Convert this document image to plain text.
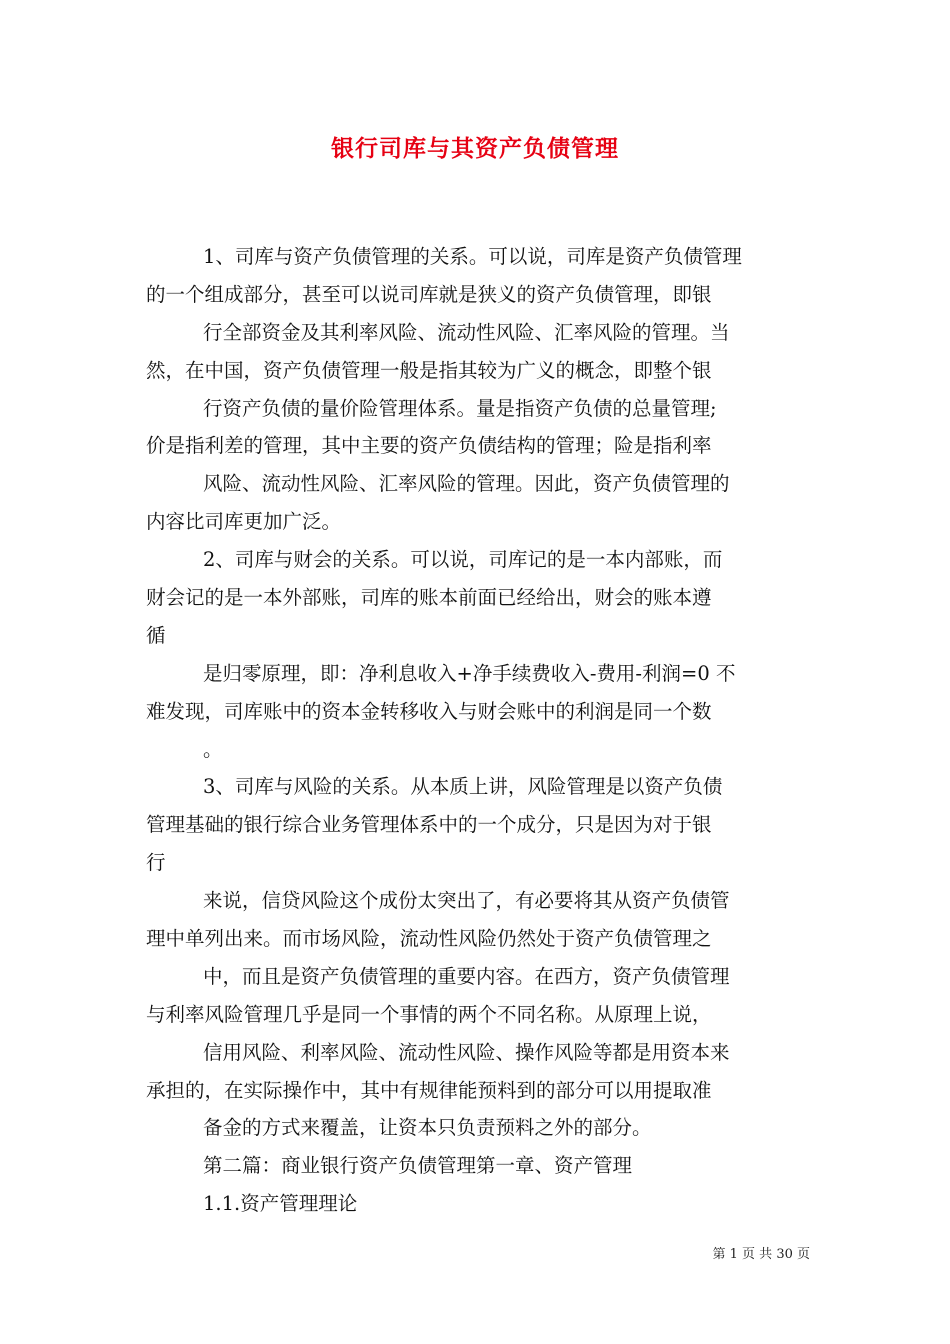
银行司库与其资产负债管理
1、司库与资产负债管理的关系。可以说，司库是资产负债管理
的一个组成部分，甚至可以说司库就是狭义的资产负债管理，即银
行全部资金及其利率风险、流动性风险、汇率风险的管理。当
然，在中国，资产负债管理一般是指其较为广义的概念，即整个银
行资产负债的量价险管理体系。量是指资产负债的总量管理;
价是指利差的管理，其中主要的资产负债结构的管理；险是指利率
风险、流动性风险、汇率风险的管理。因此，资产负债管理的
内容比司库更加广泛。
2、司库与财会的关系。可以说，司库记的是一本内部账，而
财会记的是一本外部账，司库的账本前面已经给出，财会的账本遵
循
是归零原理，即：净利息收入+净手续费收入-费用-利润=0 不
难发现，司库账中的资本金转移收入与财会账中的利润是同一个数
。
3、司库与风险的关系。从本质上讲，风险管理是以资产负债
管理基础的银行综合业务管理体系中的一个成分，只是因为对于银
行
来说，信贷风险这个成份太突出了，有必要将其从资产负债管
理中单列出来。而市场风险，流动性风险仍然处于资产负债管理之
中，而且是资产负债管理的重要内容。在西方，资产负债管理
与利率风险管理几乎是同一个事情的两个不同名称。从原理上说，
信用风险、利率风险、流动性风险、操作风险等都是用资本来
承担的，在实际操作中，其中有规律能预料到的部分可以用提取准
备金的方式来覆盖，让资本只负责预料之外的部分。
第二篇：商业银行资产负债管理第一章、资产管理
1.1.资产管理理论
第 1 页 共 30 页
